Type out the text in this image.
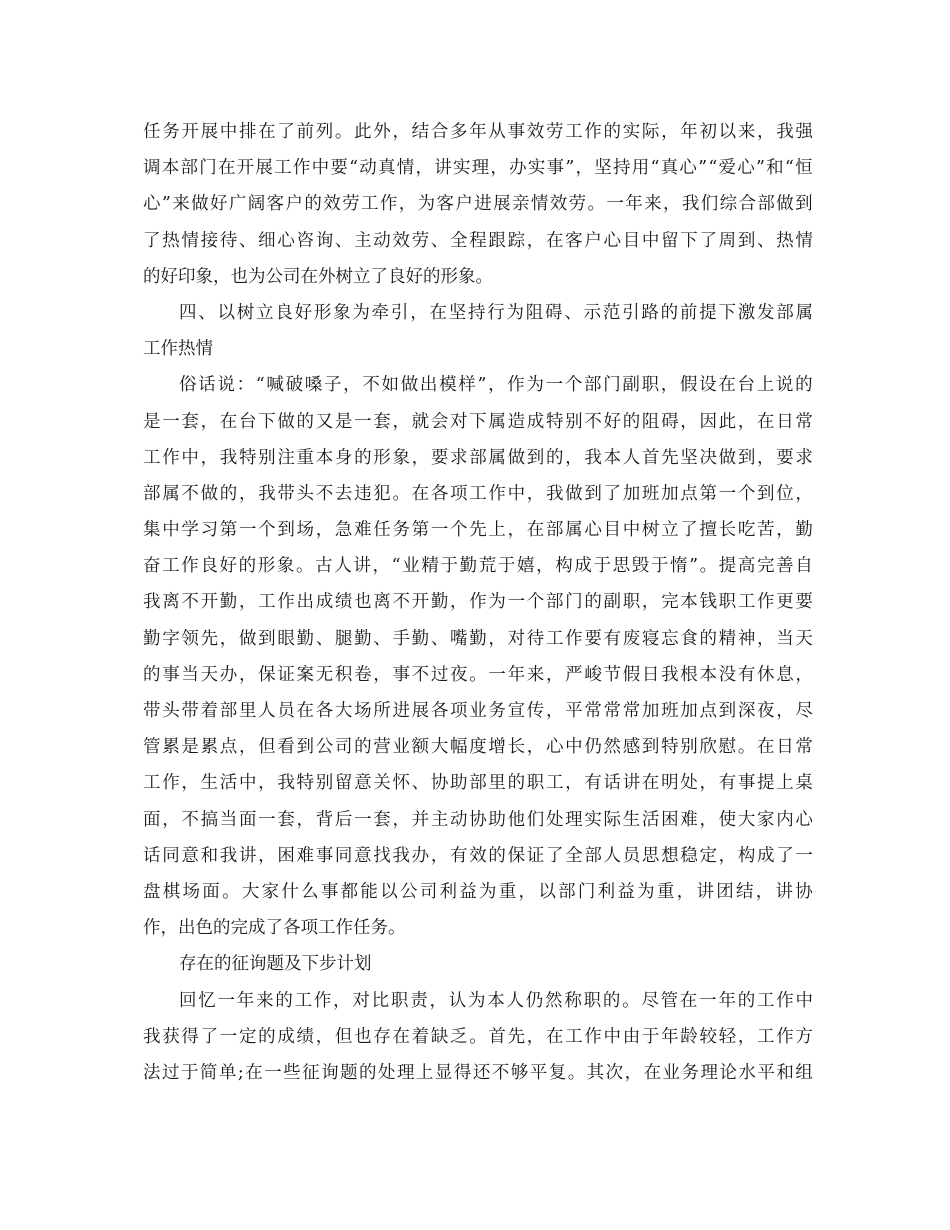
任 务 开 展 中 排 在 了 前 列 。 此 外 ， 结 合 多 年 从 事 效 劳 工 作 的 实 际 ， 年 初 以 来 ， 我 强
调 本 部 门 在 开 展 工 作 中 要 “ 动 真 情 ， 讲 实 理 ， 办 实 事 ” ， 坚 持 用 “ 真 心 ” “ 爱 心 ” 和 “ 恒
心 ” 来 做 好 广 阔 客 户 的 效 劳 工 作 ， 为 客 户 进 展 亲 情 效 劳 。 一 年 来 ， 我 们 综 合 部 做 到
了 热 情 接 待 、 细 心 咨 询 、 主 动 效 劳 、 全 程 跟 踪 ， 在 客 户 心 目 中 留 下 了 周 到 、 热 情
的好印象，也为公司在外树立了良好的形象。
四 、 以 树 立 良 好 形 象 为 牵 引 ， 在 坚 持 行 为 阻 碍 、 示 范 引 路 的 前 提 下 激 发 部 属
工作热情
俗 话 说 ： “ 喊 破 嗓 子 ， 不 如 做 出 模 样 ” ， 作 为 一 个 部 门 副 职 ， 假 设 在 台 上 说 的
是 一 套 ， 在 台 下 做 的 又 是 一 套 ， 就 会 对 下 属 造 成 特 别 不 好 的 阻 碍 ， 因 此 ， 在 日 常
工 作 中 ， 我 特 别 注 重 本 身 的 形 象 ， 要 求 部 属 做 到 的 ， 我 本 人 首 先 坚 决 做 到 ， 要 求
部 属 不 做 的 ， 我 带 头 不 去 违 犯 。 在 各 项 工 作 中 ， 我 做 到 了 加 班 加 点 第 一 个 到 位 ，
集 中 学 习 第 一 个 到 场 ， 急 难 任 务 第 一 个 先 上 ， 在 部 属 心 目 中 树 立 了 擅 长 吃 苦 ， 勤
奋 工 作 良 好 的 形 象 。 古 人 讲 ， “ 业 精 于 勤 荒 于 嬉 ， 构 成 于 思 毁 于 惰 ” 。 提 高 完 善 自
我 离 不 开 勤 ， 工 作 出 成 绩 也 离 不 开 勤 ， 作 为 一 个 部 门 的 副 职 ， 完 本 钱 职 工 作 更 要
勤 字 领 先 ， 做 到 眼 勤 、 腿 勤 、 手 勤 、 嘴 勤 ， 对 待 工 作 要 有 废 寝 忘 食 的 精 神 ， 当 天
的 事 当 天 办 ， 保 证 案 无 积 卷 ， 事 不 过 夜 。 一 年 来 ， 严 峻 节 假 日 我 根 本 没 有 休 息 ，
带 头 带 着 部 里 人 员 在 各 大 场 所 进 展 各 项 业 务 宣 传 ， 平 常 常 常 加 班 加 点 到 深 夜 ， 尽
管 累 是 累 点 ， 但 看 到 公 司 的 营 业 额 大 幅 度 增 长 ， 心 中 仍 然 感 到 特 别 欣 慰 。 在 日 常
工 作 ， 生 活 中 ， 我 特 别 留 意 关 怀 、 协 助 部 里 的 职 工 ， 有 话 讲 在 明 处 ， 有 事 提 上 桌
面 ， 不 搞 当 面 一 套 ， 背 后 一 套 ， 并 主 动 协 助 他 们 处 理 实 际 生 活 困 难 ， 使 大 家 内 心
话 同 意 和 我 讲 ， 困 难 事 同 意 找 我 办 ， 有 效 的 保 证 了 全 部 人 员 思 想 稳 定 ， 构 成 了 一
盘 棋 场 面 。 大 家 什 么 事 都 能 以 公 司 利 益 为 重 ， 以 部 门 利 益 为 重 ， 讲 团 结 ， 讲 协
作，出色的完成了各项工作任务。
存在的征询题及下步计划
回 忆 一 年 来 的 工 作 ， 对 比 职 责 ， 认 为 本 人 仍 然 称 职 的 。 尽 管 在 一 年 的 工 作 中
我 获 得 了 一 定 的 成 绩 ， 但 也 存 在 着 缺 乏 。 首 先 ， 在 工 作 中 由 于 年 龄 较 轻 ， 工 作 方
法 过 于 简 单 ; 在 一 些 征 询 题 的 处 理 上 显 得 还 不 够 平 复 。 其 次 ， 在 业 务 理 论 水 平 和 组
